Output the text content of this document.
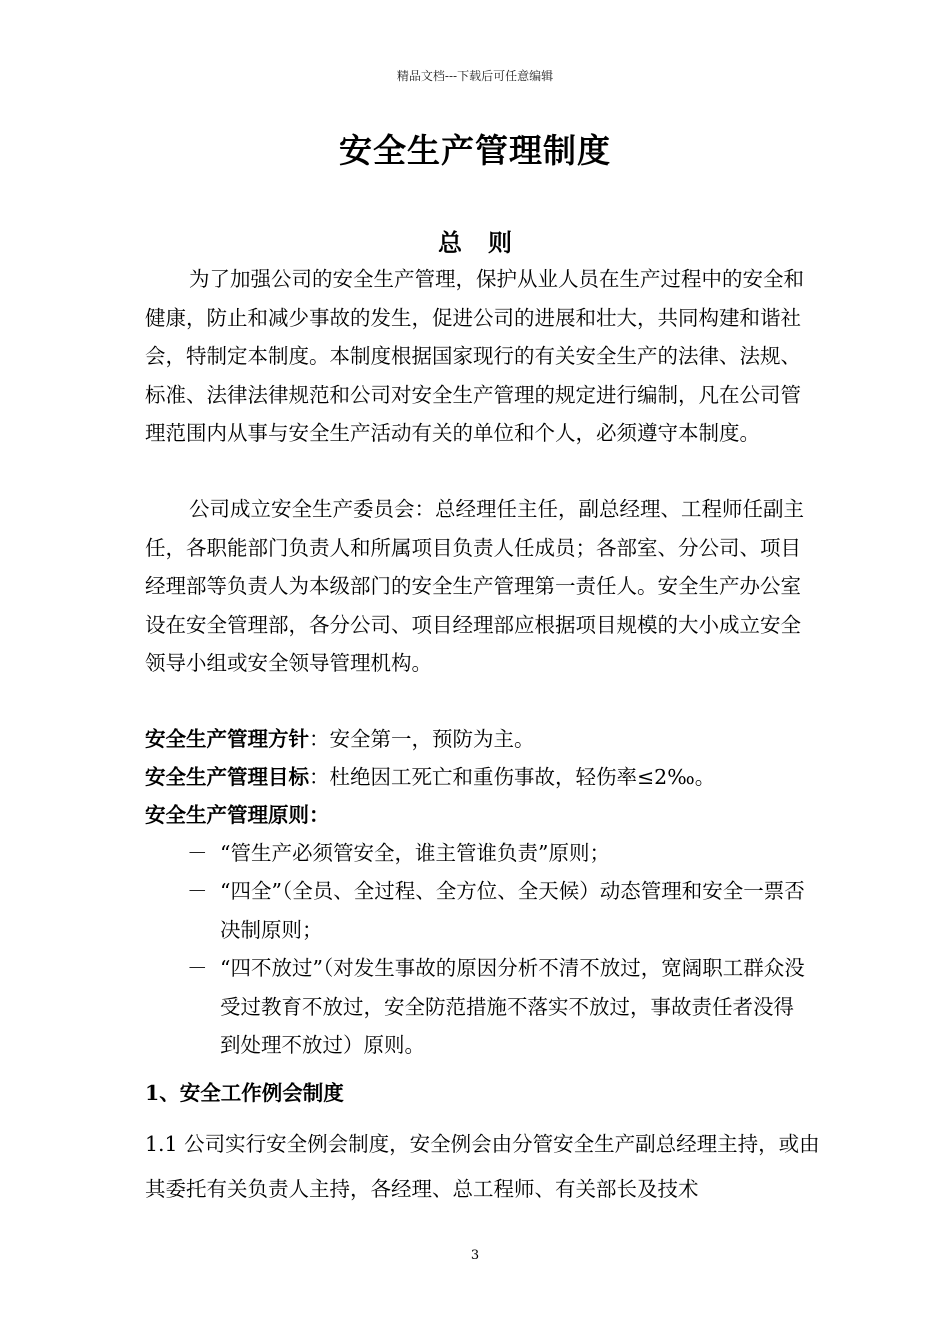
精品文档---下载后可任意编辑
安全生产管理制度
总则
为了加强公司的安全生产管理，保护从业人员在生产过程中的安全和健康，防止和减少事故的发生，促进公司的进展和壮大，共同构建和谐社会，特制定本制度。本制度根据国家现行的有关安全生产的法律、法规、标准、法律法律规范和公司对安全生产管理的规定进行编制，凡在公司管理范围内从事与安全生产活动有关的单位和个人，必须遵守本制度。
公司成立安全生产委员会：总经理任主任，副总经理、工程师任副主任，各职能部门负责人和所属项目负责人任成员；各部室、分公司、项目经理部等负责人为本级部门的安全生产管理第一责任人。安全生产办公室设在安全管理部，各分公司、项目经理部应根据项目规模的大小成立安全领导小组或安全领导管理机构。
安全生产管理方针：安全第一，预防为主。
安全生产管理目标：杜绝因工死亡和重伤事故，轻伤率≤2‰。
安全生产管理原则：
－ “管生产必须管安全，谁主管谁负责”原则；
－ “四全”（全员、全过程、全方位、全天候）动态管理和安全一票否决制原则；
－ “四不放过”（对发生事故的原因分析不清不放过，宽阔职工群众没受过教育不放过，安全防范措施不落实不放过，事故责任者没得到处理不放过）原则。
1、安全工作例会制度
1.1 公司实行安全例会制度，安全例会由分管安全生产副总经理主持，或由其委托有关负责人主持，各经理、总工程师、有关部长及技术
3
